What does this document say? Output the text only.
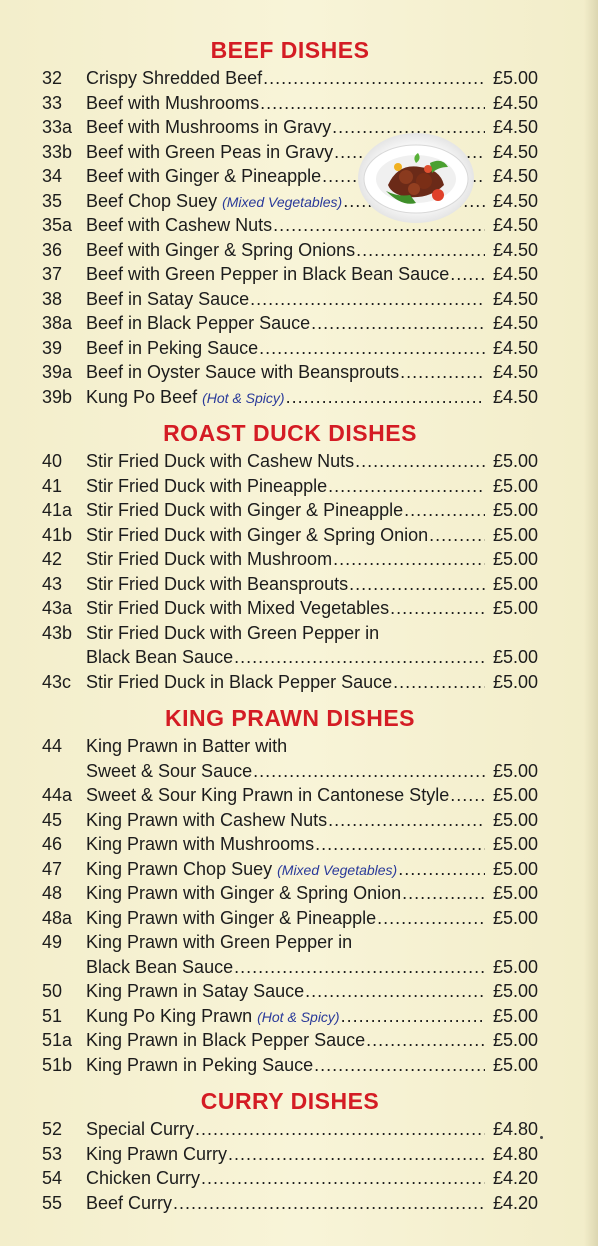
BEEF DISHES
32	Crispy Shredded Beef .....	£5.00
33	Beef with Mushrooms .....	£4.50
33a Beef with Mushrooms in Gravy .....	£4.50
33b Beef with Green Peas in Gravy .....	£4.50
34	Beef with Ginger & Pineapple .....	£4.50
35	Beef Chop Suey (Mixed Vegetables) .....	£4.50
35a Beef with Cashew Nuts .....	£4.50
36	Beef with Ginger & Spring Onions .....	£4.50
37	Beef with Green Pepper in Black Bean Sauce .....	£4.50
38	Beef in Satay Sauce .....	£4.50
38a Beef in Black Pepper Sauce .....	£4.50
39	Beef in Peking Sauce .....	£4.50
39a Beef in Oyster Sauce with Beansprouts .....	£4.50
39b Kung Po Beef (Hot & Spicy) .....	£4.50
ROAST DUCK DISHES
40	Stir Fried Duck with Cashew Nuts .....	£5.00
41	Stir Fried Duck with Pineapple .....	£5.00
41a Stir Fried Duck with Ginger & Pineapple .....	£5.00
41b Stir Fried Duck with Ginger & Spring Onion .....	£5.00
42	Stir Fried Duck with Mushroom .....	£5.00
43	Stir Fried Duck with Beansprouts .....	£5.00
43a Stir Fried Duck with Mixed Vegetables .....	£5.00
43b Stir Fried Duck with Green Pepper in
Black Bean Sauce .....	£5.00
43c Stir Fried Duck in Black Pepper Sauce .....	£5.00
KING PRAWN DISHES
44	King Prawn in Batter with
Sweet & Sour Sauce .....	£5.00
44a Sweet & Sour King Prawn in Cantonese Style .....	£5.00
45	King Prawn with Cashew Nuts .....	£5.00
46	King Prawn with Mushrooms .....	£5.00
47	King Prawn Chop Suey (Mixed Vegetables) .....	£5.00
48	King Prawn with Ginger & Spring Onion .....	£5.00
48a King Prawn with Ginger & Pineapple .....	£5.00
49	King Prawn with Green Pepper in
Black Bean Sauce .....	£5.00
50	King Prawn in Satay Sauce .....	£5.00
51	Kung Po King Prawn (Hot & Spicy) .....	£5.00
51a King Prawn in Black Pepper Sauce .....	£5.00
51b King Prawn in Peking Sauce .....	£5.00
CURRY DISHES
52	Special Curry .....	£4.80
53	King Prawn Curry .....	£4.80
54	Chicken Curry .....	£4.20
55	Beef Curry .....	£4.20
